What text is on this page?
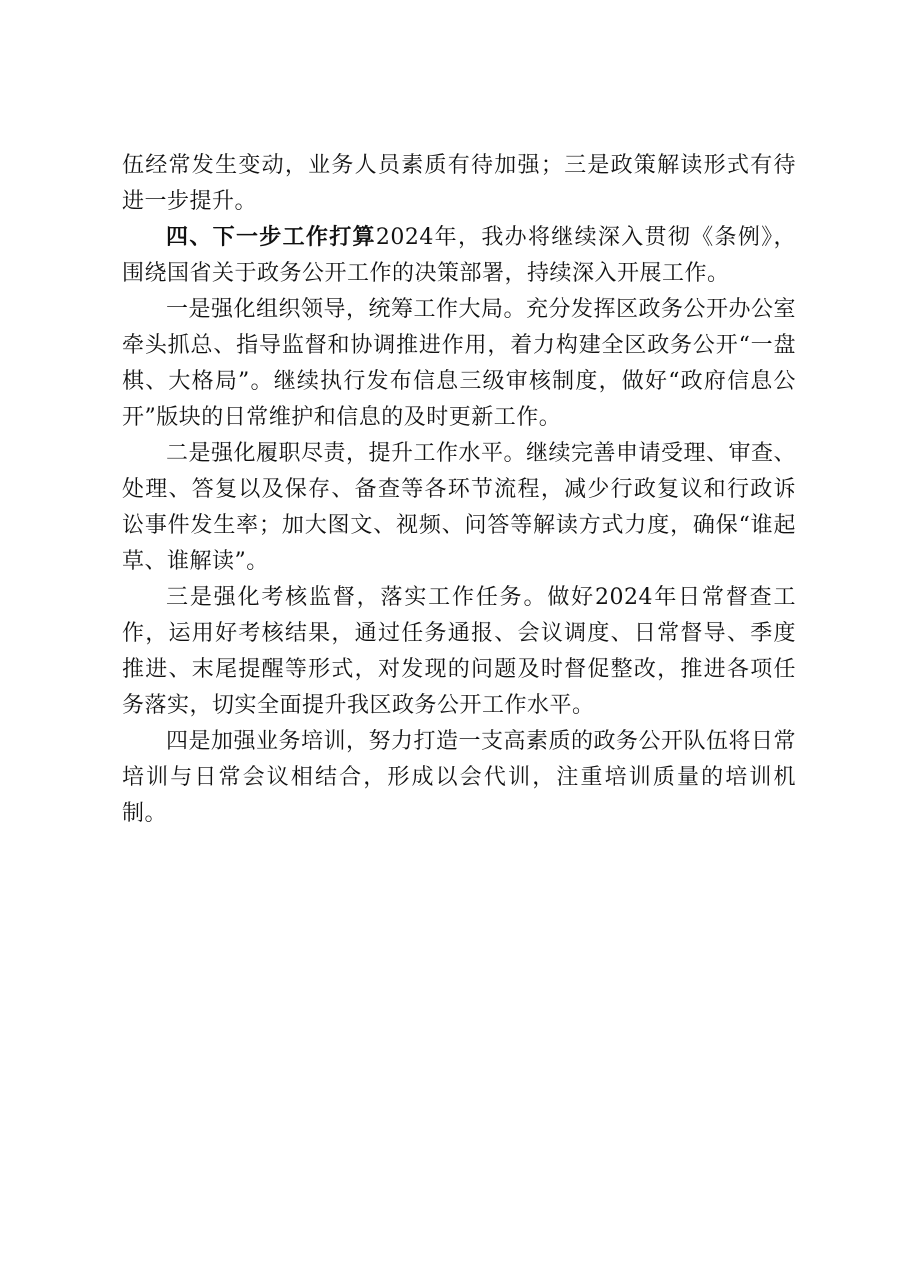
伍经常发生变动，业务人员素质有待加强；三是政策解读形式有待进一步提升。

四、下一步工作打算2024年，我办将继续深入贯彻《条例》，围绕国省关于政务公开工作的决策部署，持续深入开展工作。

一是强化组织领导，统筹工作大局。充分发挥区政务公开办公室牵头抓总、指导监督和协调推进作用，着力构建全区政务公开“一盘棋、大格局”。继续执行发布信息三级审核制度，做好“政府信息公开”版块的日常维护和信息的及时更新工作。

二是强化履职尽责，提升工作水平。继续完善申请受理、审查、处理、答复以及保存、备查等各环节流程，减少行政复议和行政诉讼事件发生率；加大图文、视频、问答等解读方式力度，确保“谁起草、谁解读”。

三是强化考核监督，落实工作任务。做好2024年日常督查工作，运用好考核结果，通过任务通报、会议调度、日常督导、季度推进、末尾提醒等形式，对发现的问题及时督促整改，推进各项任务落实，切实全面提升我区政务公开工作水平。

四是加强业务培训，努力打造一支高素质的政务公开队伍将日常培训与日常会议相结合，形成以会代训，注重培训质量的培训机制。
